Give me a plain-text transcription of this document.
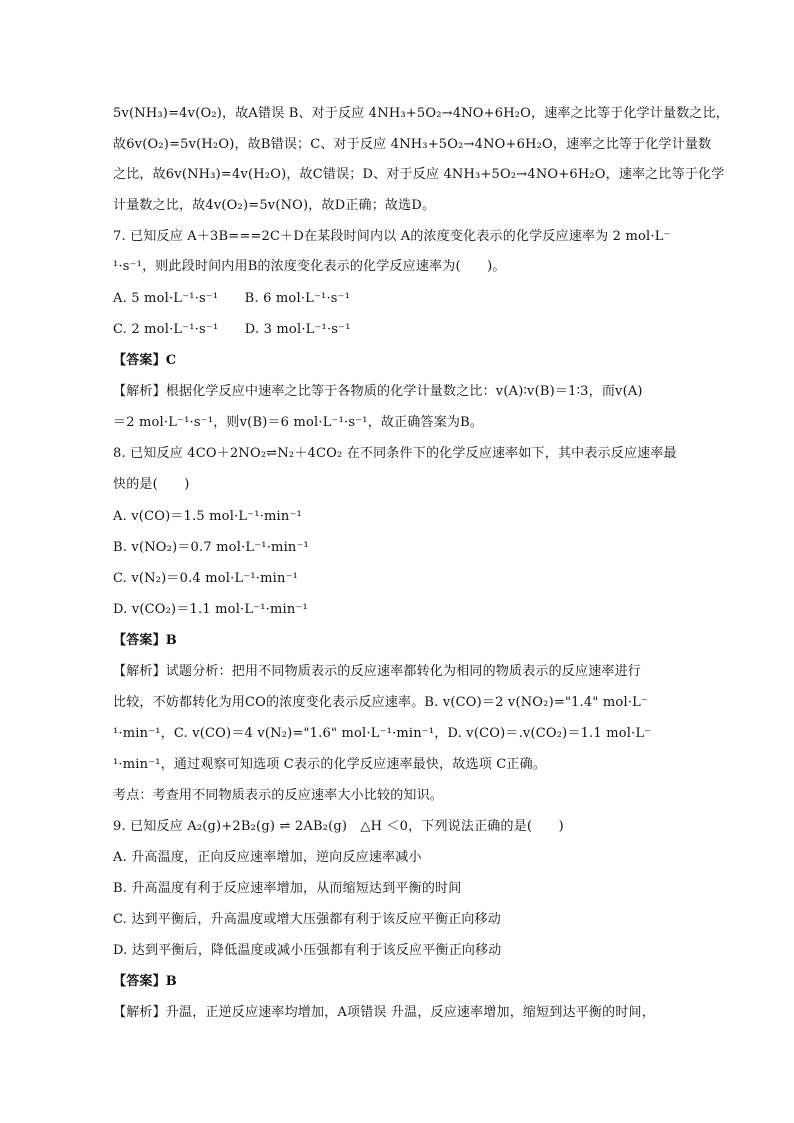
5v(NH₃)=4v(O₂)，故A错误 B、对于反应 4NH₃+5O₂→4NO+6H₂O，速率之比等于化学计量数之比，
故6v(O₂)=5v(H₂O)，故B错误；C、对于反应 4NH₃+5O₂→4NO+6H₂O，速率之比等于化学计量数
之比，故6v(NH₃)=4v(H₂O)，故C错误；D、对于反应 4NH₃+5O₂→4NO+6H₂O，速率之比等于化学
计量数之比，故4v(O₂)=5v(NO)，故D正确；故选D。
7. 已知反应 A＋3B===2C＋D在某段时间内以 A的浓度变化表示的化学反应速率为 2 mol·L⁻
¹·s⁻¹，则此段时间内用B的浓度变化表示的化学反应速率为(　　)。
A. 5 mol·L⁻¹·s⁻¹　　B. 6 mol·L⁻¹·s⁻¹
C. 2 mol·L⁻¹·s⁻¹　　D. 3 mol·L⁻¹·s⁻¹
【答案】C
【解析】根据化学反应中速率之比等于各物质的化学计量数之比：v(A)∶v(B)＝1∶3，而v(A)
＝2 mol·L⁻¹·s⁻¹，则v(B)＝6 mol·L⁻¹·s⁻¹，故正确答案为B。
8. 已知反应 4CO＋2NO₂⇌N₂＋4CO₂ 在不同条件下的化学反应速率如下，其中表示反应速率最
快的是(　　)
A. v(CO)＝1.5 mol·L⁻¹·min⁻¹
B. v(NO₂)＝0.7 mol·L⁻¹·min⁻¹
C. v(N₂)＝0.4 mol·L⁻¹·min⁻¹
D. v(CO₂)＝1.1 mol·L⁻¹·min⁻¹
【答案】B
【解析】试题分析：把用不同物质表示的反应速率都转化为相同的物质表示的反应速率进行
比较，不妨都转化为用CO的浓度变化表示反应速率。B. v(CO)＝2 v(NO₂)="1.4" mol·L⁻
¹·min⁻¹，C. v(CO)＝4 v(N₂)="1.6" mol·L⁻¹·min⁻¹，D. v(CO)＝.v(CO₂)＝1.1 mol·L⁻
¹·min⁻¹，通过观察可知选项 C表示的化学反应速率最快，故选项 C正确。
考点：考查用不同物质表示的反应速率大小比较的知识。
9. 已知反应 A₂(g)+2B₂(g) ⇌ 2AB₂(g)　△H ＜0，下列说法正确的是(　　)
A. 升高温度，正向反应速率增加，逆向反应速率减小
B. 升高温度有利于反应速率增加，从而缩短达到平衡的时间
C. 达到平衡后，升高温度或增大压强都有利于该反应平衡正向移动
D. 达到平衡后，降低温度或减小压强都有利于该反应平衡正向移动
【答案】B
【解析】升温，正逆反应速率均增加，A项错误 升温，反应速率增加，缩短到达平衡的时间，
